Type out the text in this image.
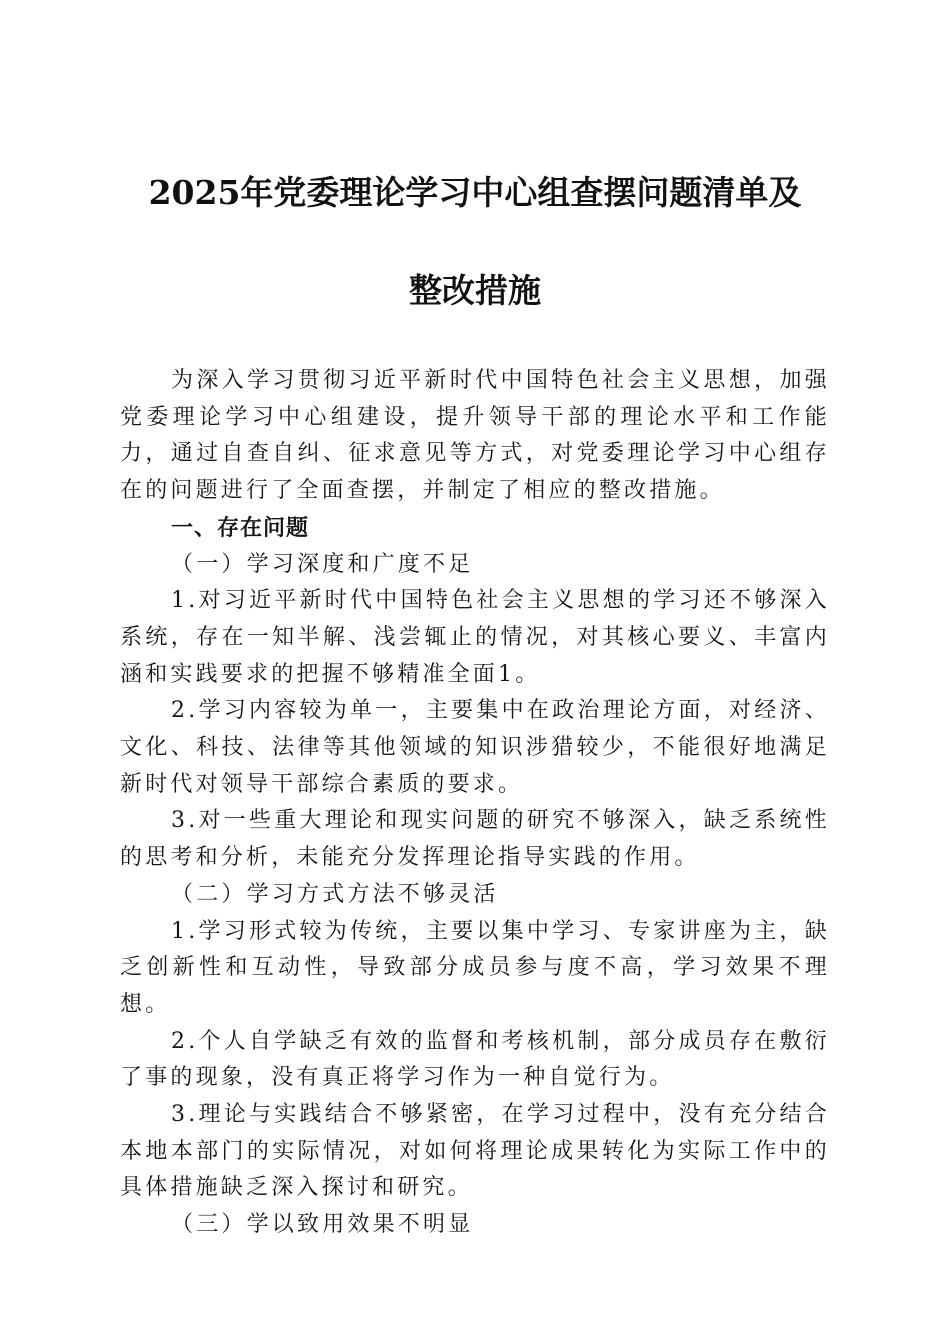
2025年党委理论学习中心组查摆问题清单及
整改措施

为深入学习贯彻习近平新时代中国特色社会主义思想，加强党委理论学习中心组建设，提升领导干部的理论水平和工作能力，通过自查自纠、征求意见等方式，对党委理论学习中心组存在的问题进行了全面查摆，并制定了相应的整改措施。

一、存在问题

（一）学习深度和广度不足

1.对习近平新时代中国特色社会主义思想的学习还不够深入系统，存在一知半解、浅尝辄止的情况，对其核心要义、丰富内涵和实践要求的把握不够精准全面1。

2.学习内容较为单一，主要集中在政治理论方面，对经济、文化、科技、法律等其他领域的知识涉猎较少，不能很好地满足新时代对领导干部综合素质的要求。

3.对一些重大理论和现实问题的研究不够深入，缺乏系统性的思考和分析，未能充分发挥理论指导实践的作用。

（二）学习方式方法不够灵活

1.学习形式较为传统，主要以集中学习、专家讲座为主，缺乏创新性和互动性，导致部分成员参与度不高，学习效果不理想。

2.个人自学缺乏有效的监督和考核机制，部分成员存在敷衍了事的现象，没有真正将学习作为一种自觉行为。

3.理论与实践结合不够紧密，在学习过程中，没有充分结合本地本部门的实际情况，对如何将理论成果转化为实际工作中的具体措施缺乏深入探讨和研究。

（三）学以致用效果不明显
